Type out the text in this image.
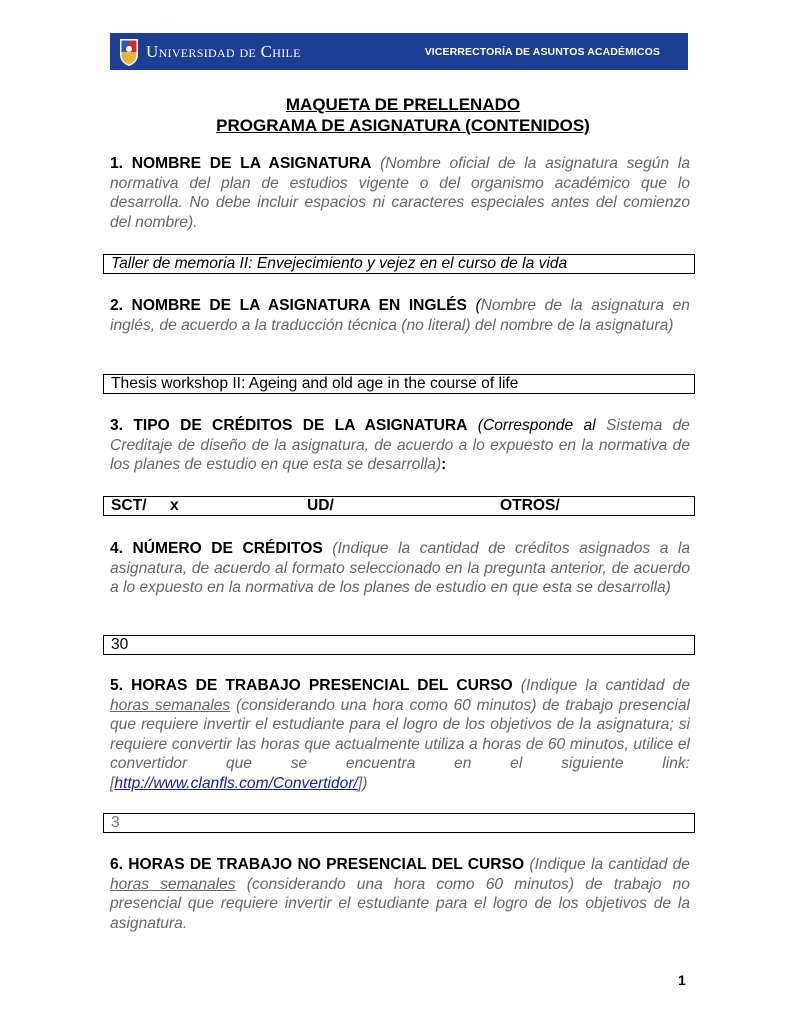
Universidad de Chile	VICERRECTORÍA DE ASUNTOS ACADÉMICOS
MAQUETA DE PRELLENADO
PROGRAMA DE ASIGNATURA (CONTENIDOS)
1. NOMBRE DE LA ASIGNATURA (Nombre oficial de la asignatura según la normativa del plan de estudios vigente o del organismo académico que lo desarrolla. No debe incluir espacios ni caracteres especiales antes del comienzo del nombre).
Taller de memoria II: Envejecimiento y vejez en el curso de la vida
2. NOMBRE DE LA ASIGNATURA EN INGLÉS (Nombre de la asignatura en inglés, de acuerdo a la traducción técnica (no literal) del nombre de la asignatura)
Thesis workshop II: Ageing and old age in the course of life
3. TIPO DE CRÉDITOS DE LA ASIGNATURA (Corresponde al Sistema de Creditaje de diseño de la asignatura, de acuerdo a lo expuesto en la normativa de los planes de estudio en que esta se desarrolla):
SCT/ x	UD/	OTROS/
4. NÚMERO DE CRÉDITOS (Indique la cantidad de créditos asignados a la asignatura, de acuerdo al formato seleccionado en la pregunta anterior, de acuerdo a lo expuesto en la normativa de los planes de estudio en que esta se desarrolla)
30
5. HORAS DE TRABAJO PRESENCIAL DEL CURSO (Indique la cantidad de horas semanales (considerando una hora como 60 minutos) de trabajo presencial que requiere invertir el estudiante para el logro de los objetivos de la asignatura; si requiere convertir las horas que actualmente utiliza a horas de 60 minutos, utilice el convertidor que se encuentra en el siguiente link: [http://www.clanfls.com/Convertidor/])
3
6. HORAS DE TRABAJO NO PRESENCIAL DEL CURSO (Indique la cantidad de horas semanales (considerando una hora como 60 minutos) de trabajo no presencial que requiere invertir el estudiante para el logro de los objetivos de la asignatura.
1
